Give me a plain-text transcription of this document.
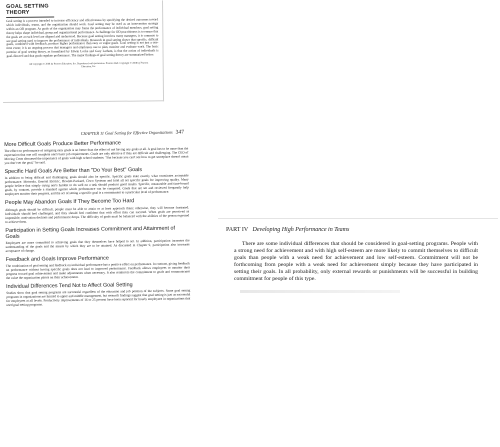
GOAL SETTING THEORY
Goal setting is a process intended to increase efficiency and effectiveness by specifying the desired outcomes toward which individuals, teams, and the organization should work. Goal setting may be used as an intervention strategy within an OD program. As goals of the organization may frame the performance of individual members, goal setting theory helps shape individual, group and organizational performance. A challenge for OD practitioners is to ensure that the goals set at each level are aligned and understood. Because goal setting involves many managers, it is common to see goal setting used to improve the performance of individuals. Research in goal setting shows that specific, difficult goals, combined with feedback, produce higher performance than easy or vague goals. Goal setting is not just a one-time event; it is an ongoing process that managers and employees use to plan, monitor and evaluate work. The basic premise of goal setting theory, as formulated by Edwin Locke and Gary Latham, is that the action of individuals is goal-directed and that goals regulate performance. The major findings of goal setting theory are summarized below.
All Copyright © 2008 by Pearson Education, Inc. Reproduced with permission. Prentice Hall. Copyright © 2008 by Pearson Education, Inc.
CHAPTER 11 Goal Setting for Effective Organizations 347

More Difficult Goals Produce Better Performance

The effect on performance of assigning easy goals is no better than the effect of not having any goals at all. A goal has to be more than the expectation that one will complete one's basic job requirements. Goals are only effective if they are difficult and challenging. The CEO of Moving Costs discussed the importance of goals with high school students: "But because you can't see how to get someplace doesn't mean you don't set the goal," he said.

Specific Hard Goals Are Better than "Do Your Best" Goals

In addition to being difficult and challenging, goals should also be specific. Specific goals state exactly what constitutes acceptable performance. Motorola, General Electric, Hewlett-Packard, Cisco Systems and Intel all set specific goals for improving quality. Many people believe that simply trying one's hardest to do well on a task should produce good results. Specific, measurable and time-bound goals, by contrast, provide a standard against which performance can be compared. Goals that are set and reviewed frequently help employees monitor their progress, and the act of setting a specific goal is a commitment to a particular level of performance.

People May Abandon Goals If They Become Too Hard

Although goals should be difficult, people must be able to attain or at least approach them; otherwise, they will become frustrated. Individuals should feel challenged, and they should feel confident that with effort they can succeed. When goals are perceived as impossible, motivation declines and performance drops. The difficulty of goals must be balanced with the abilities of the person expected to achieve them.

Participation in Setting Goals Increases Commitment and Attainment of Goals

Employees are more committed to achieving goals that they themselves have helped to set. In addition, participation increases the understanding of the goals and the means by which they are to be attained. As discussed in Chapter 9, participation also increases acceptance of change.

Feedback and Goals Improve Performance

The combination of goal setting and feedback on individual performance has a positive effect on performance. In contrast, giving feedback on performance without having specific goals does not lead to improved performance. Feedback allows employees to monitor their progress toward goal achievement and make adjustments when necessary. It also reinforces the commitment to goals and communicates the value the organization places on their achievement.

Individual Differences Tend Not to Affect Goal Setting

Studies show that goal setting programs are successful regardless of the education and job position of the subjects. Some goal setting programs in organizations are limited to upper and middle management, but research findings suggest that goal setting is just as successful for employees at all levels. Productivity improvements of 16 to 25 percent have been reported for hourly employees in organizations that used goal setting programs.

PART IV Developing High Performance in Teams

There are some individual differences that should be considered in goal-setting programs. People with a strong need for achievement and with high self-esteem are more likely to commit themselves to difficult goals than people with a weak need for achievement and low self-esteem. Commitment will not be forthcoming from people with a weak need for achievement simply because they have participated in setting their goals. In all probability, only external rewards or punishments will be successful in building commitment for people of this type.
